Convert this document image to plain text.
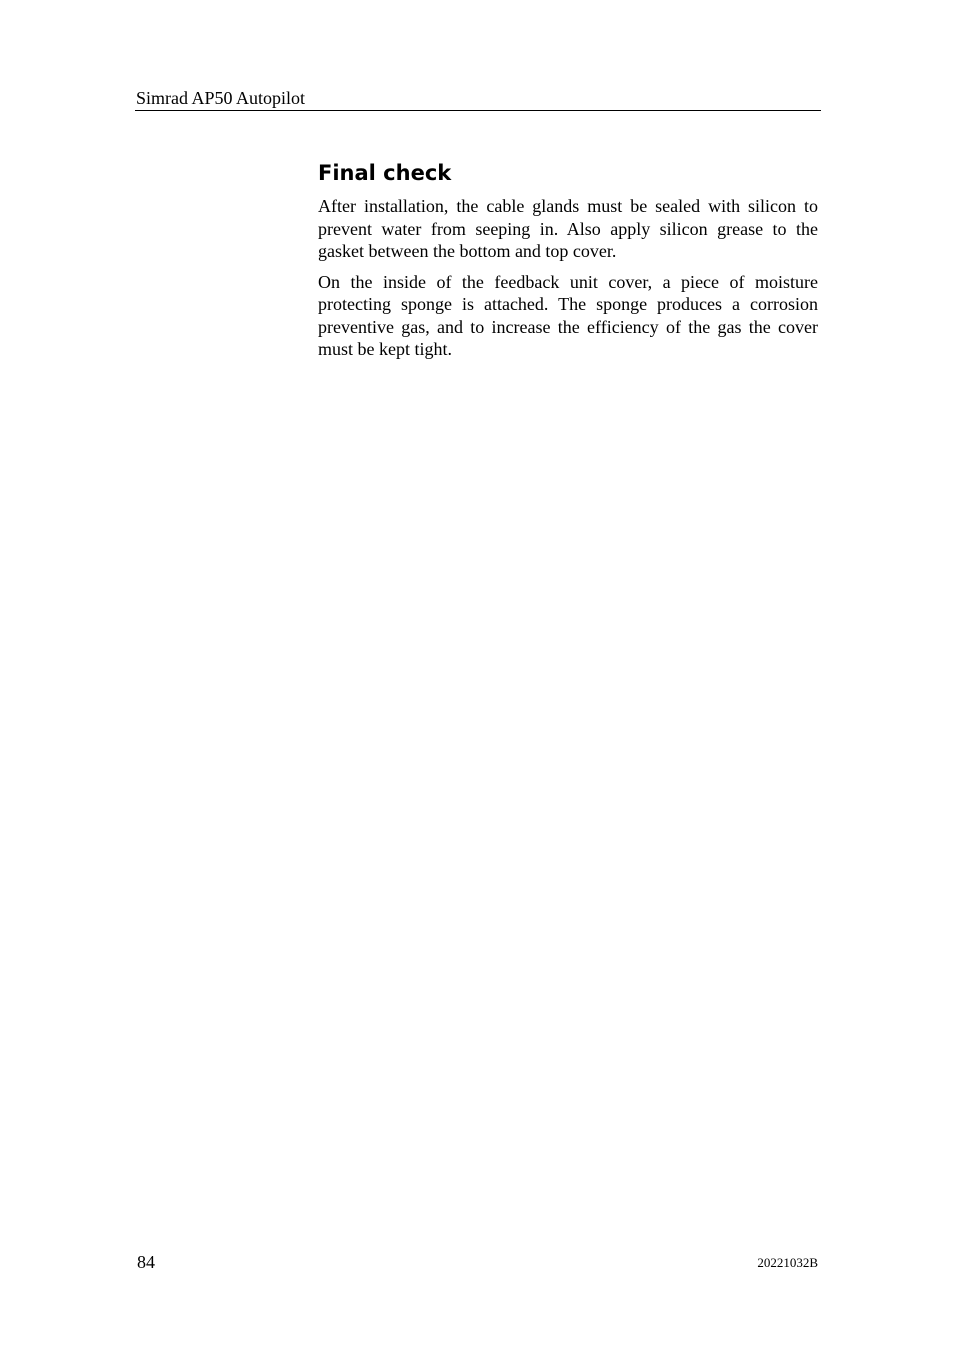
Simrad AP50 Autopilot
Final check

After installation, the cable glands must be sealed with silicon to prevent water from seeping in. Also apply silicon grease to the gasket between the bottom and top cover.

On the inside of the feedback unit cover, a piece of moisture protecting sponge is attached. The sponge produces a corrosion preventive gas, and to increase the efficiency of the gas the cover must be kept tight.

84	20221032B
